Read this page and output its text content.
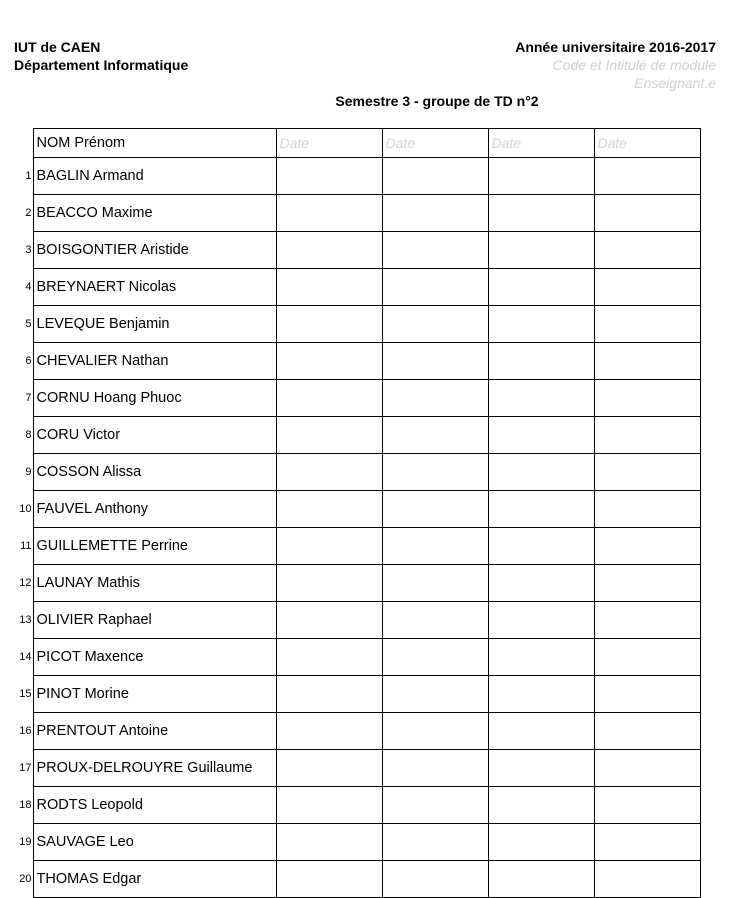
IUT de CAEN
Département Informatique
Année universitaire 2016-2017
Code et Intitulé de module
Enseignant.e
Semestre 3 - groupe de TD n°2
	NOM Prénom	Date	Date	Date	Date
1	BAGLIN Armand				
2	BEACCO Maxime				
3	BOISGONTIER Aristide				
4	BREYNAERT Nicolas				
5	LEVEQUE Benjamin				
6	CHEVALIER Nathan				
7	CORNU Hoang Phuoc				
8	CORU Victor				
9	COSSON Alissa				
10	FAUVEL Anthony				
11	GUILLEMETTE Perrine				
12	LAUNAY Mathis				
13	OLIVIER Raphael				
14	PICOT Maxence				
15	PINOT Morine				
16	PRENTOUT Antoine				
17	PROUX-DELROUYRE Guillaume				
18	RODTS Leopold				
19	SAUVAGE Leo				
20	THOMAS Edgar				
